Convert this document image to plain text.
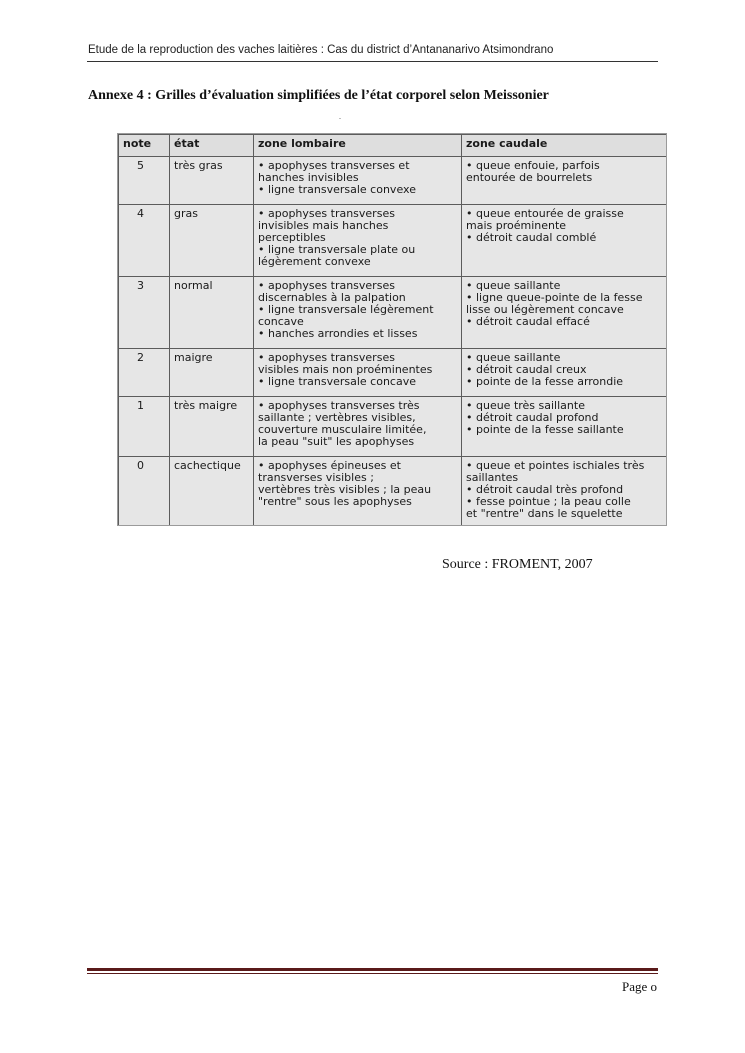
Etude de la reproduction des vaches laitières : Cas du district d’Antananarivo Atsimondrano
Annexe 4 : Grilles d’évaluation simplifiées de l’état corporel selon Meissonier
.
note	état	zone lombaire	zone caudale
5	très gras	• apophyses transverses et
hanches invisibles
• ligne transversale convexe	• queue enfouie, parfois
entourée de bourrelets

4	gras	• apophyses transverses
invisibles mais hanches
perceptibles
• ligne transversale plate ou
légèrement convexe	• queue entourée de graisse
mais proéminente
• détroit caudal comblé

3	normal	• apophyses transverses
discernables à la palpation
• ligne transversale légèrement
concave
• hanches arrondies et lisses	• queue saillante
• ligne queue-pointe de la fesse
lisse ou légèrement concave
• détroit caudal effacé

2	maigre	• apophyses transverses
visibles mais non proéminentes
• ligne transversale concave	• queue saillante
• détroit caudal creux
• pointe de la fesse arrondie

1	très maigre	• apophyses transverses très
saillante ; vertèbres visibles,
couverture musculaire limitée,
la peau "suit" les apophyses	• queue très saillante
• détroit caudal profond
• pointe de la fesse saillante

0	cachectique	• apophyses épineuses et
transverses visibles ;
vertèbres très visibles ; la peau
"rentre" sous les apophyses	• queue et pointes ischiales très
saillantes
• détroit caudal très profond
• fesse pointue ; la peau colle
et "rentre" dans le squelette
Source : FROMENT, 2007
Page o
